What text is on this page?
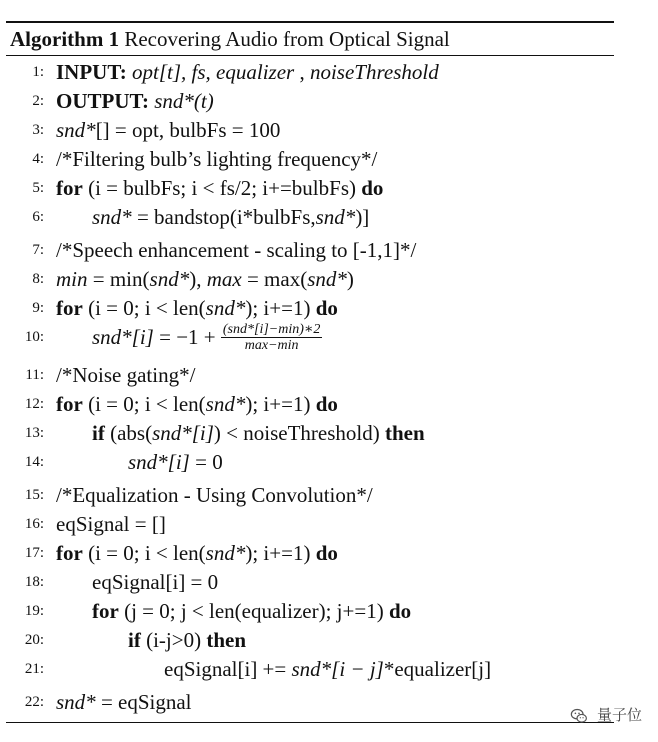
Algorithm 1 Recovering Audio from Optical Signal
1: INPUT: opt[t], fs, equalizer , noiseThreshold
2: OUTPUT: snd*(t)
3: snd*[] = opt, bulbFs = 100
4: /*Filtering bulb’s lighting frequency*/
5: for (i = bulbFs; i < fs/2; i+=bulbFs) do
6: snd* = bandstop(i*bulbFs,snd*)]
7: /*Speech enhancement - scaling to [-1,1]*/
8: min = min(snd*), max = max(snd*)
9: for (i = 0; i < len(snd*); i+=1) do
10: $snd*[i] = -1 + \frac{\text{(snd*[i]−min)∗2}}{\max-\min}$
11: /*Noise gating*/
12: for (i = 0; i < len(snd*); i+=1) do
13: if (abs(snd*[i]) < noiseThreshold) then
14:	snd*[i] = 0
15: /*Equalization - Using Convolution*/
16: eqSignal = []
17: for (i = 0; i < len(snd*); i+=1) do
18: eqSignal[i] = 0
19: for (j = 0; j < len(equalizer); j+=1) do
20:	if (i-j>0) then
21:	eqSignal[i] += snd*[i − j]*equalizer[j]
22: snd* = eqSignal
量子位
